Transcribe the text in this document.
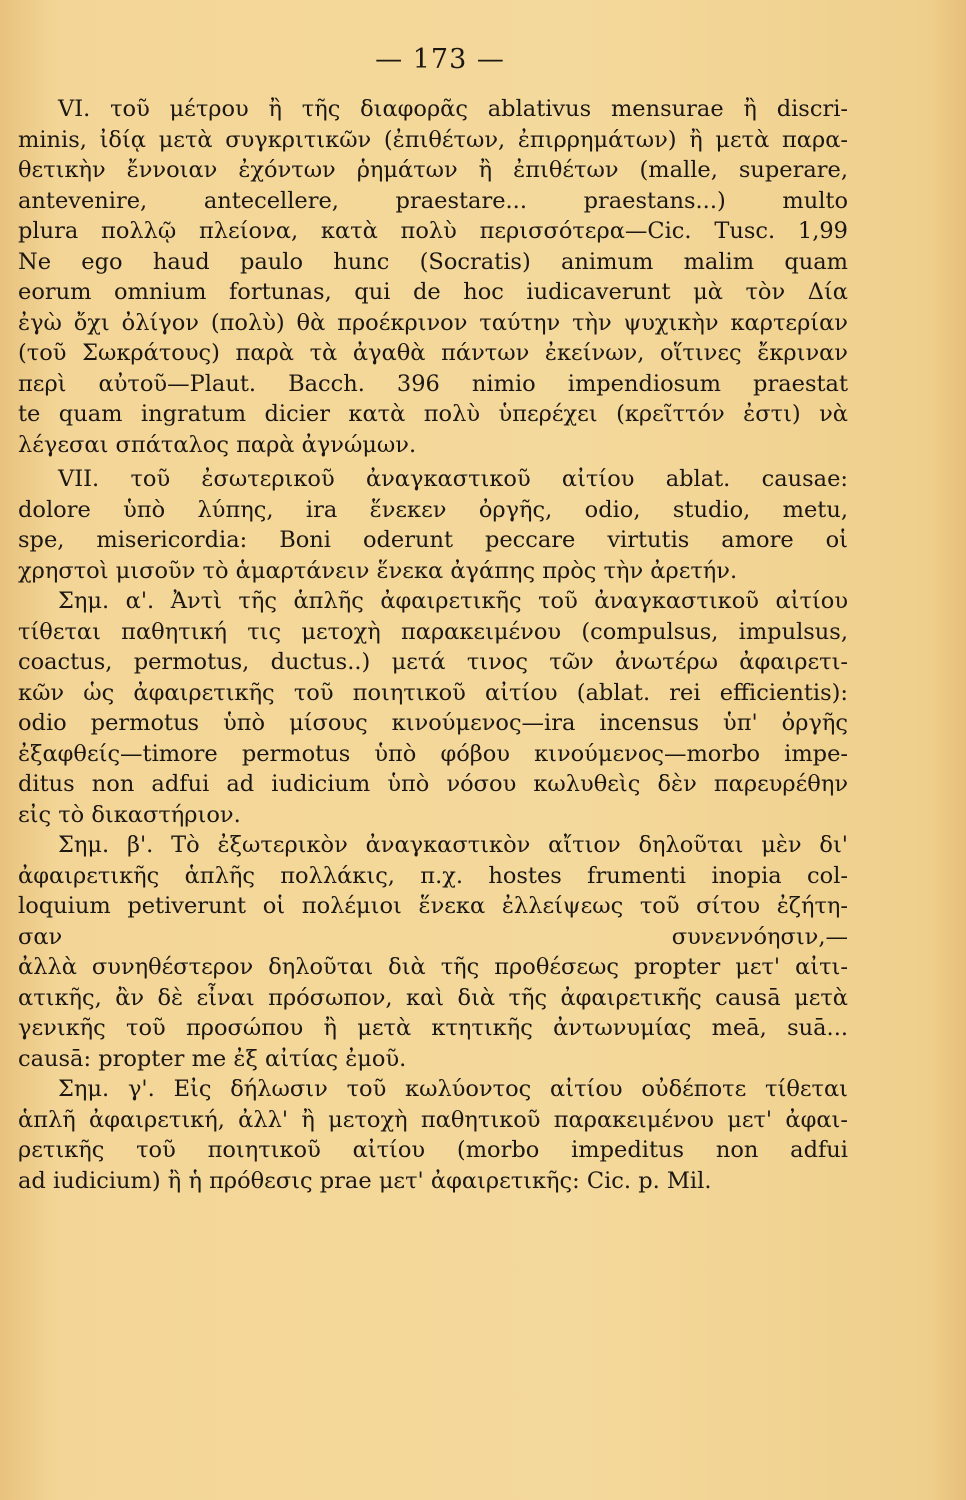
— 173 —
VI. τοῦ μέτρου ἢ τῆς διαφορᾶς ablativus mensurae ἢ discri-
minis, ἰδίᾳ μετὰ συγκριτικῶν (ἐπιθέτων, ἐπιρρημάτων) ἢ μετὰ παρα-
θετικὴν ἔννοιαν ἐχόντων ῥημάτων ἢ ἐπιθέτων (malle, superare,
antevenire, antecellere, praestare... praestans...) multo
plura πολλῷ πλείονα, κατὰ πολὺ περισσότερα—Cic. Tusc. 1,99
Ne ego haud paulo hunc (Socratis) animum malim quam
eorum omnium fortunas, qui de hoc iudicaverunt μὰ τὸν Δία
ἐγὼ ὄχι ὀλίγον (πολὺ) θὰ προέκρινον ταύτην τὴν ψυχικὴν καρτερίαν
(τοῦ Σωκράτους) παρὰ τὰ ἀγαθὰ πάντων ἐκείνων, οἵτινες ἔκριναν
περὶ αὐτοῦ—Plaut. Bacch. 396 nimio impendiosum praestat
te quam ingratum dicier κατὰ πολὺ ὑπερέχει (κρεῖττόν ἐστι) νὰ
λέγεσαι σπάταλος παρὰ ἀγνώμων.
VII. τοῦ ἐσωτερικοῦ ἀναγκαστικοῦ αἰτίου ablat. causae:
dolore ὑπὸ λύπης, ira ἕνεκεν ὀργῆς, odio, studio, metu,
spe, misericordia: Boni oderunt peccare virtutis amore οἱ
χρηστοὶ μισοῦν τὸ ἁμαρτάνειν ἕνεκα ἀγάπης πρὸς τὴν ἀρετήν.
Σημ. α'. Ἀντὶ τῆς ἁπλῆς ἀφαιρετικῆς τοῦ ἀναγκαστικοῦ αἰτίου
τίθεται παθητική τις μετοχὴ παρακειμένου (compulsus, impulsus,
coactus, permotus, ductus..) μετά τινος τῶν ἀνωτέρω ἀφαιρετι-
κῶν ὡς ἀφαιρετικῆς τοῦ ποιητικοῦ αἰτίου (ablat. rei efficientis):
odio permotus ὑπὸ μίσους κινούμενος—ira incensus ὑπ' ὀργῆς
ἐξαφθείς—timore permotus ὑπὸ φόβου κινούμενος—morbo impe-
ditus non adfui ad iudicium ὑπὸ νόσου κωλυθεὶς δὲν παρευρέθην
εἰς τὸ δικαστήριον.
Σημ. β'. Τὸ ἐξωτερικὸν ἀναγκαστικὸν αἴτιον δηλοῦται μὲν δι'
ἀφαιρετικῆς ἁπλῆς πολλάκις, π.χ. hostes frumenti inopia col-
loquium petiverunt οἱ πολέμιοι ἕνεκα ἐλλείψεως τοῦ σίτου ἐζήτη-
σαν συνεννόησιν,—
ἀλλὰ συνηθέστερον δηλοῦται διὰ τῆς προθέσεως propter μετ' αἰτι-
ατικῆς, ἂν δὲ εἶναι πρόσωπον, καὶ διὰ τῆς ἀφαιρετικῆς causā μετὰ
γενικῆς τοῦ προσώπου ἢ μετὰ κτητικῆς ἀντωνυμίας meā, suā...
causā: propter me ἐξ αἰτίας ἐμοῦ.
Σημ. γ'. Εἰς δήλωσιν τοῦ κωλύοντος αἰτίου οὐδέποτε τίθεται
ἁπλῆ ἀφαιρετική, ἀλλ' ἢ μετοχὴ παθητικοῦ παρακειμένου μετ' ἀφαι-
ρετικῆς τοῦ ποιητικοῦ αἰτίου (morbo impeditus non adfui
ad iudicium) ἢ ἡ πρόθεσις prae μετ' ἀφαιρετικῆς: Cic. p. Mil.
